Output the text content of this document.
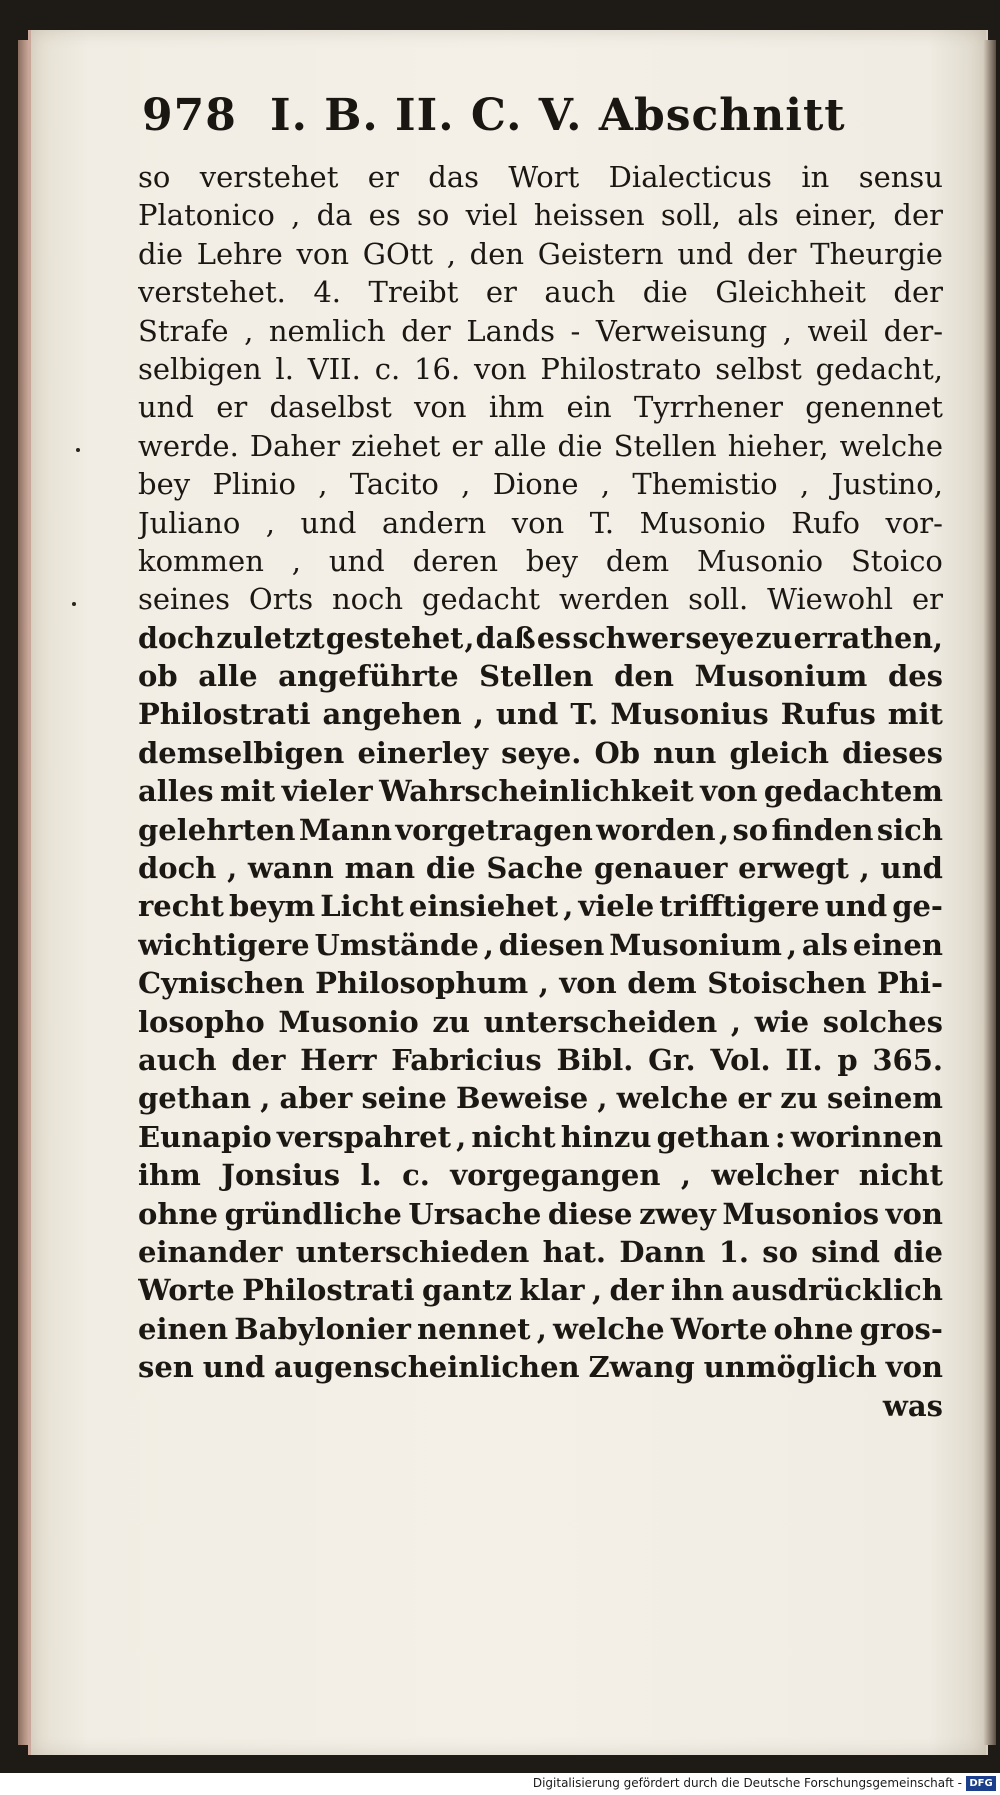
978 I. B. II. C. V. Abschnitt
so verstehet er das Wort Dialecticus in sensu
Platonico , da es so viel heissen soll, als einer, der
die Lehre von GOtt , den Geistern und der Theurgie
verstehet. 4. Treibt er auch die Gleichheit der
Strafe , nemlich der Lands - Verweisung , weil der-
selbigen l. VII. c. 16. von Philostrato selbst gedacht,
und er daselbst von ihm ein Tyrrhener genennet
werde. Daher ziehet er alle die Stellen hieher, welche
bey Plinio , Tacito , Dione , Themistio , Justino,
Juliano , und andern von T. Musonio Rufo vor-
kommen , und deren bey dem Musonio Stoico
seines Orts noch gedacht werden soll. Wiewohl er
doch zuletzt gestehet , daß es schwer seye zu errathen,
ob alle angeführte Stellen den Musonium des
Philostrati angehen , und T. Musonius Rufus mit
demselbigen einerley seye. Ob nun gleich dieses
alles mit vieler Wahrscheinlichkeit von gedachtem
gelehrten Mann vorgetragen worden , so finden sich
doch , wann man die Sache genauer erwegt , und
recht beym Licht einsiehet , viele trifftigere und ge-
wichtigere Umstände , diesen Musonium , als einen
Cynischen Philosophum , von dem Stoischen Phi-
losopho Musonio zu unterscheiden , wie solches
auch der Herr Fabricius Bibl. Gr. Vol. II. p 365.
gethan , aber seine Beweise , welche er zu seinem
Eunapio verspahret , nicht hinzu gethan : worinnen
ihm Jonsius l. c. vorgegangen , welcher nicht
ohne gründliche Ursache diese zwey Musonios von
einander unterschieden hat. Dann 1. so sind die
Worte Philostrati gantz klar , der ihn ausdrücklich
einen Babylonier nennet , welche Worte ohne gros-
sen und augenscheinlichen Zwang unmöglich von
was
Digitalisierung gefördert durch die Deutsche Forschungsgemeinschaft - DFG
